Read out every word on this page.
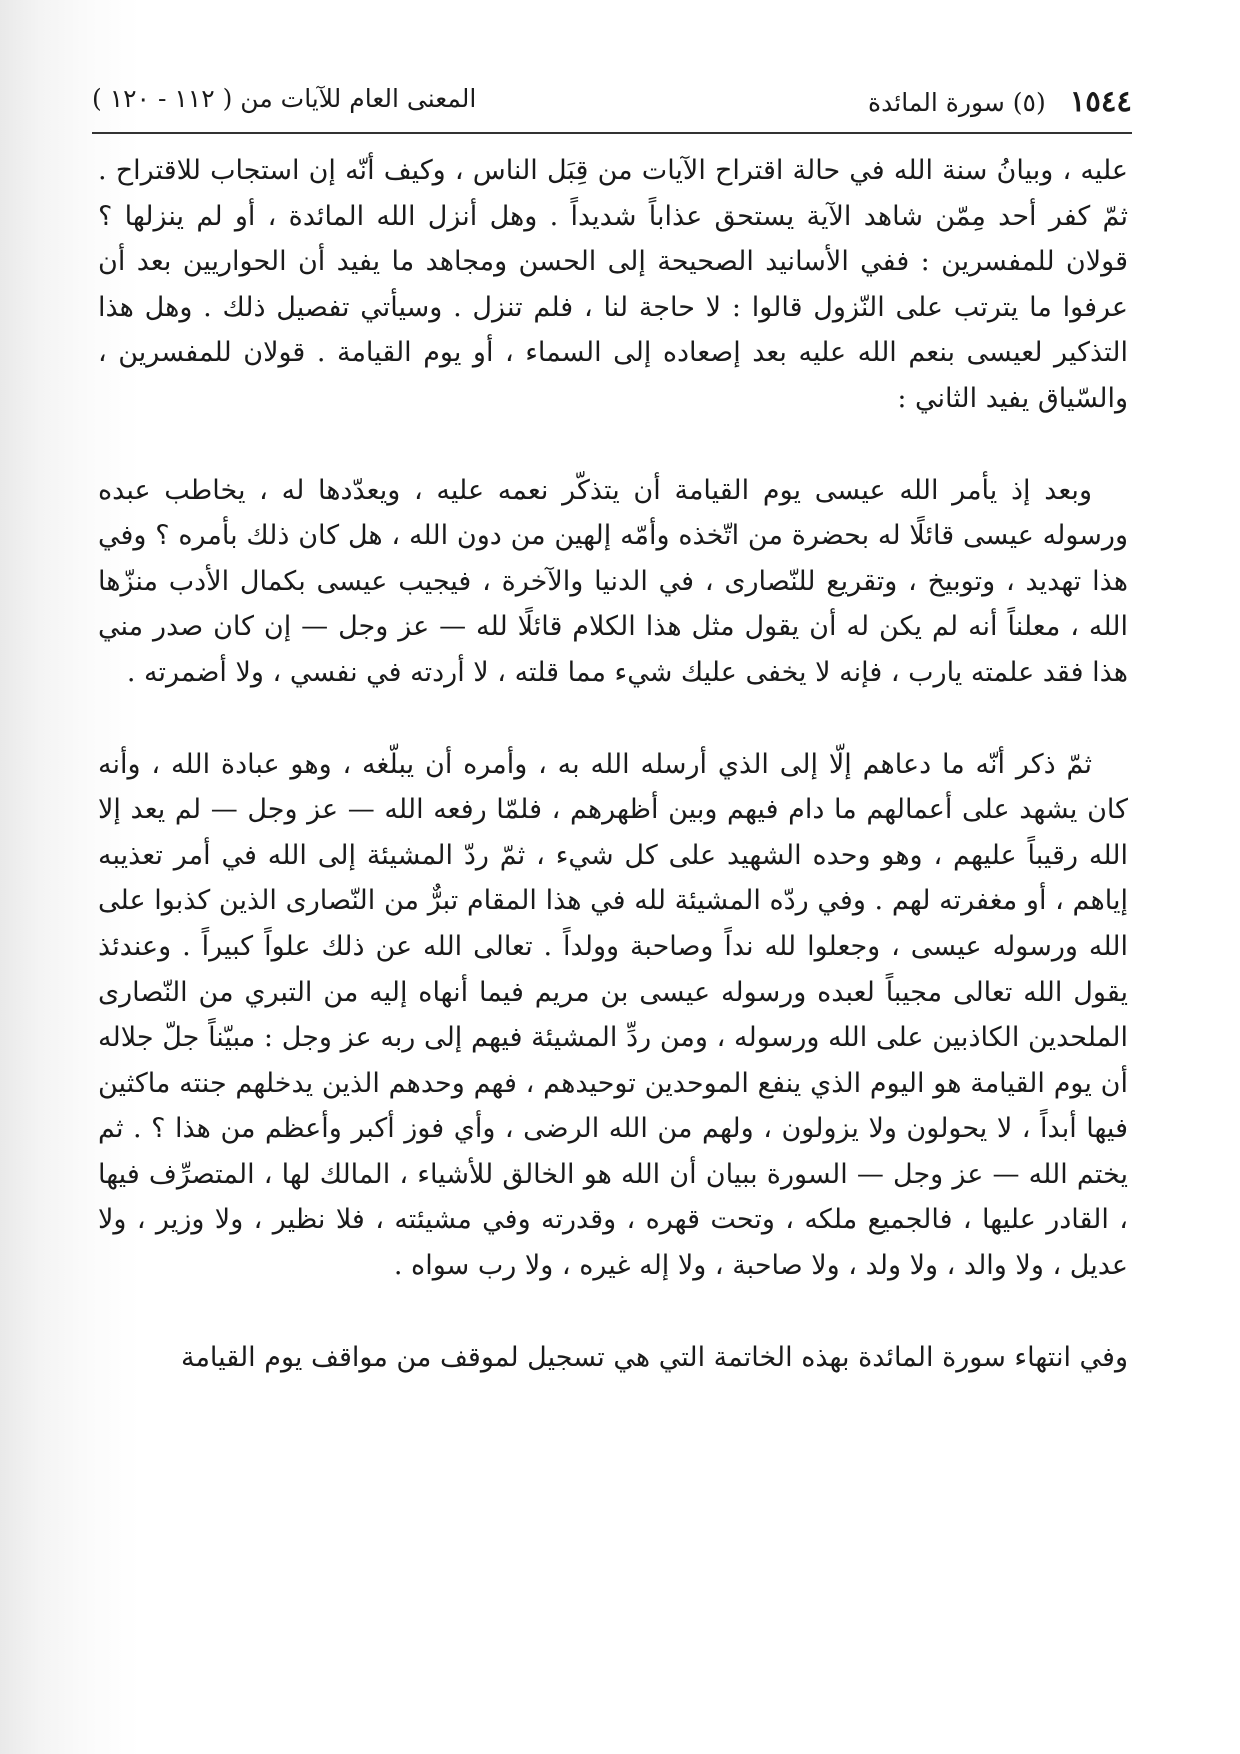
١٥٤٤ (٥) سورة المائدة
المعنى العام للآيات من ( ١١٢ - ١٢٠ )

عليه ، وبيانُ سنة الله في حالة اقتراح الآيات من قِبَل الناس ، وكيف أنّه إن استجاب للاقتراح . ثمّ كفر أحد مِمّن شاهد الآية يستحق عذاباً شديداً . وهل أنزل الله المائدة ، أو لم ينزلها ؟ قولان للمفسرين : ففي الأسانيد الصحيحة إلى الحسن ومجاهد ما يفيد أن الحواريين بعد أن عرفوا ما يترتب على النّزول قالوا : لا حاجة لنا ، فلم تنزل . وسيأتي تفصيل ذلك . وهل هذا التذكير لعيسى بنعم الله عليه بعد إصعاده إلى السماء ، أو يوم القيامة . قولان للمفسرين ، والسّياق يفيد الثاني :

وبعد إذ يأمر الله عيسى يوم القيامة أن يتذكّر نعمه عليه ، ويعدّدها له ، يخاطب عبده ورسوله عيسى قائلًا له بحضرة من اتّخذه وأمّه إلهين من دون الله ، هل كان ذلك بأمره ؟ وفي هذا تهديد ، وتوبيخ ، وتقريع للنّصارى ، في الدنيا والآخرة ، فيجيب عيسى بكمال الأدب منزّها الله ، معلناً أنه لم يكن له أن يقول مثل هذا الكلام قائلًا لله — عز وجل — إن كان صدر مني هذا فقد علمته يارب ، فإنه لا يخفى عليك شيء مما قلته ، لا أردته في نفسي ، ولا أضمرته .

ثمّ ذكر أنّه ما دعاهم إلّا إلى الذي أرسله الله به ، وأمره أن يبلّغه ، وهو عبادة الله ، وأنه كان يشهد على أعمالهم ما دام فيهم وبين أظهرهم ، فلمّا رفعه الله — عز وجل — لم يعد إلا الله رقيباً عليهم ، وهو وحده الشهيد على كل شيء ، ثمّ ردّ المشيئة إلى الله في أمر تعذيبه إياهم ، أو مغفرته لهم . وفي ردّه المشيئة لله في هذا المقام تبرٌّ من النّصارى الذين كذبوا على الله ورسوله عيسى ، وجعلوا لله نداً وصاحبة وولداً . تعالى الله عن ذلك علواً كبيراً . وعندئذ يقول الله تعالى مجيباً لعبده ورسوله عيسى بن مريم فيما أنهاه إليه من التبري من النّصارى الملحدين الكاذبين على الله ورسوله ، ومن ردِّ المشيئة فيهم إلى ربه عز وجل : مبيّناً جلّ جلاله أن يوم القيامة هو اليوم الذي ينفع الموحدين توحيدهم ، فهم وحدهم الذين يدخلهم جنته ماكثين فيها أبداً ، لا يحولون ولا يزولون ، ولهم من الله الرضى ، وأي فوز أكبر وأعظم من هذا ؟ . ثم يختم الله — عز وجل — السورة ببيان أن الله هو الخالق للأشياء ، المالك لها ، المتصرِّف فيها ، القادر عليها ، فالجميع ملكه ، وتحت قهره ، وقدرته وفي مشيئته ، فلا نظير ، ولا وزير ، ولا عديل ، ولا والد ، ولا ولد ، ولا صاحبة ، ولا إله غيره ، ولا رب سواه .

وفي انتهاء سورة المائدة بهذه الخاتمة التي هي تسجيل لموقف من مواقف يوم القيامة
